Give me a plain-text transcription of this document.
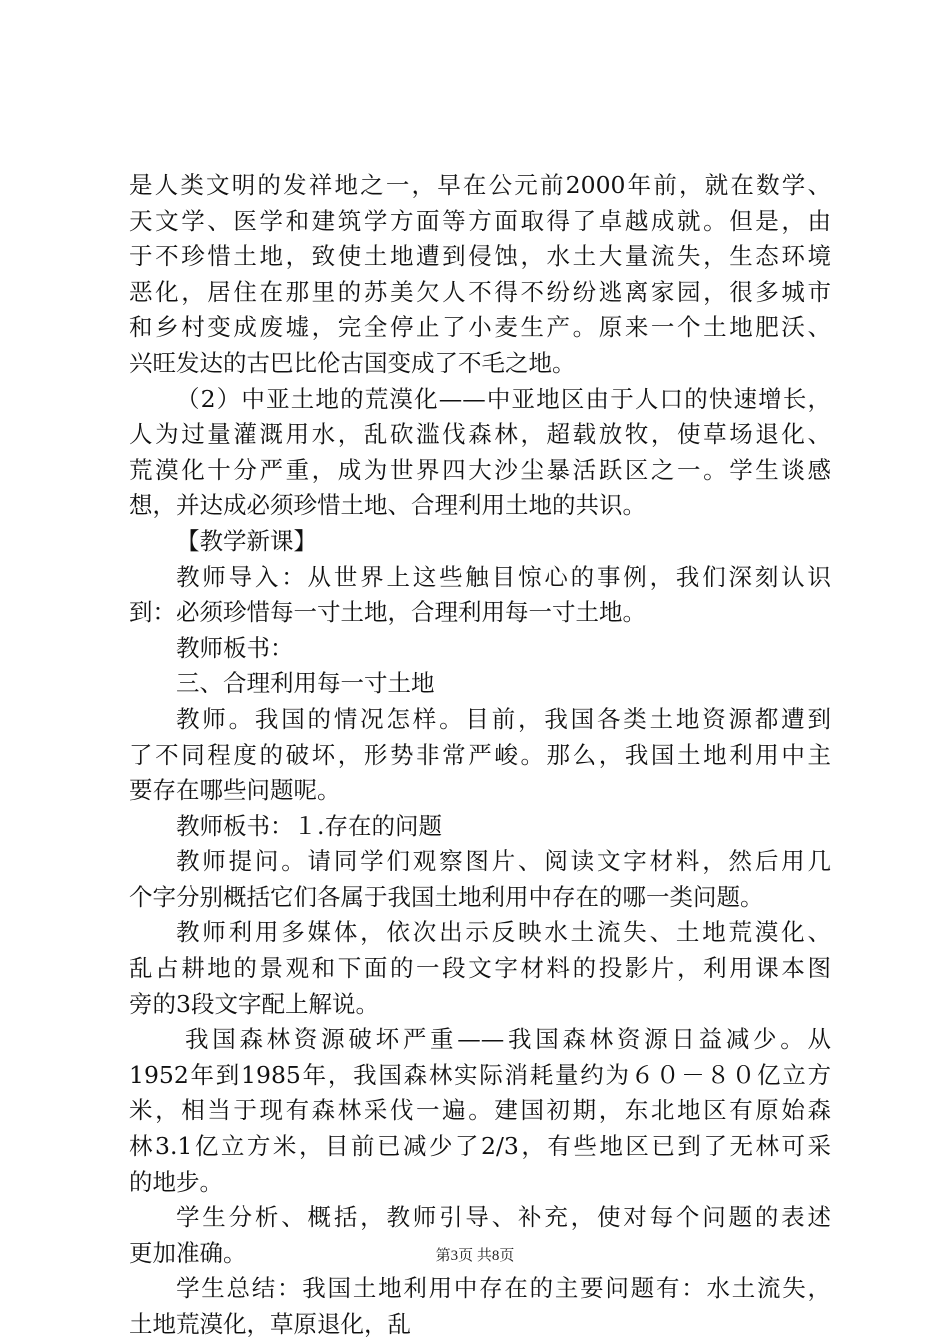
是人类文明的发祥地之一，早在公元前2000年前，就在数学、
天文学、医学和建筑学方面等方面取得了卓越成就。但是，由
于不珍惜土地，致使土地遭到侵蚀，水土大量流失，生态环境
恶化，居住在那里的苏美欠人不得不纷纷逃离家园，很多城市
和乡村变成废墟，完全停止了小麦生产。原来一个土地肥沃、
兴旺发达的古巴比伦古国变成了不毛之地。
（2）中亚土地的荒漠化——中亚地区由于人口的快速增长，
人为过量灌溉用水，乱砍滥伐森林，超载放牧，使草场退化、
荒漠化十分严重，成为世界四大沙尘暴活跃区之一。学生谈感
想，并达成必须珍惜土地、合理利用土地的共识。
【教学新课】
教师导入：从世界上这些触目惊心的事例，我们深刻认识
到：必须珍惜每一寸土地，合理利用每一寸土地。
教师板书：
三、合理利用每一寸土地
教师。我国的情况怎样。目前，我国各类土地资源都遭到
了不同程度的破坏，形势非常严峻。那么，我国土地利用中主
要存在哪些问题呢。
教师板书：１.存在的问题
教师提问。请同学们观察图片、阅读文字材料，然后用几
个字分别概括它们各属于我国土地利用中存在的哪一类问题。
教师利用多媒体，依次出示反映水土流失、土地荒漠化、
乱占耕地的景观和下面的一段文字材料的投影片，利用课本图
旁的3段文字配上解说。
我国森林资源破坏严重——我国森林资源日益减少。从
1952年到1985年，我国森林实际消耗量约为６０－８０亿立方
米，相当于现有森林采伐一遍。建国初期，东北地区有原始森
林3.1亿立方米，目前已减少了2/3，有些地区已到了无林可采
的地步。
学生分析、概括，教师引导、补充，使对每个问题的表述
更加准确。
学生总结：我国土地利用中存在的主要问题有：水土流失，
土地荒漠化，草原退化，乱
第3页 共8页
